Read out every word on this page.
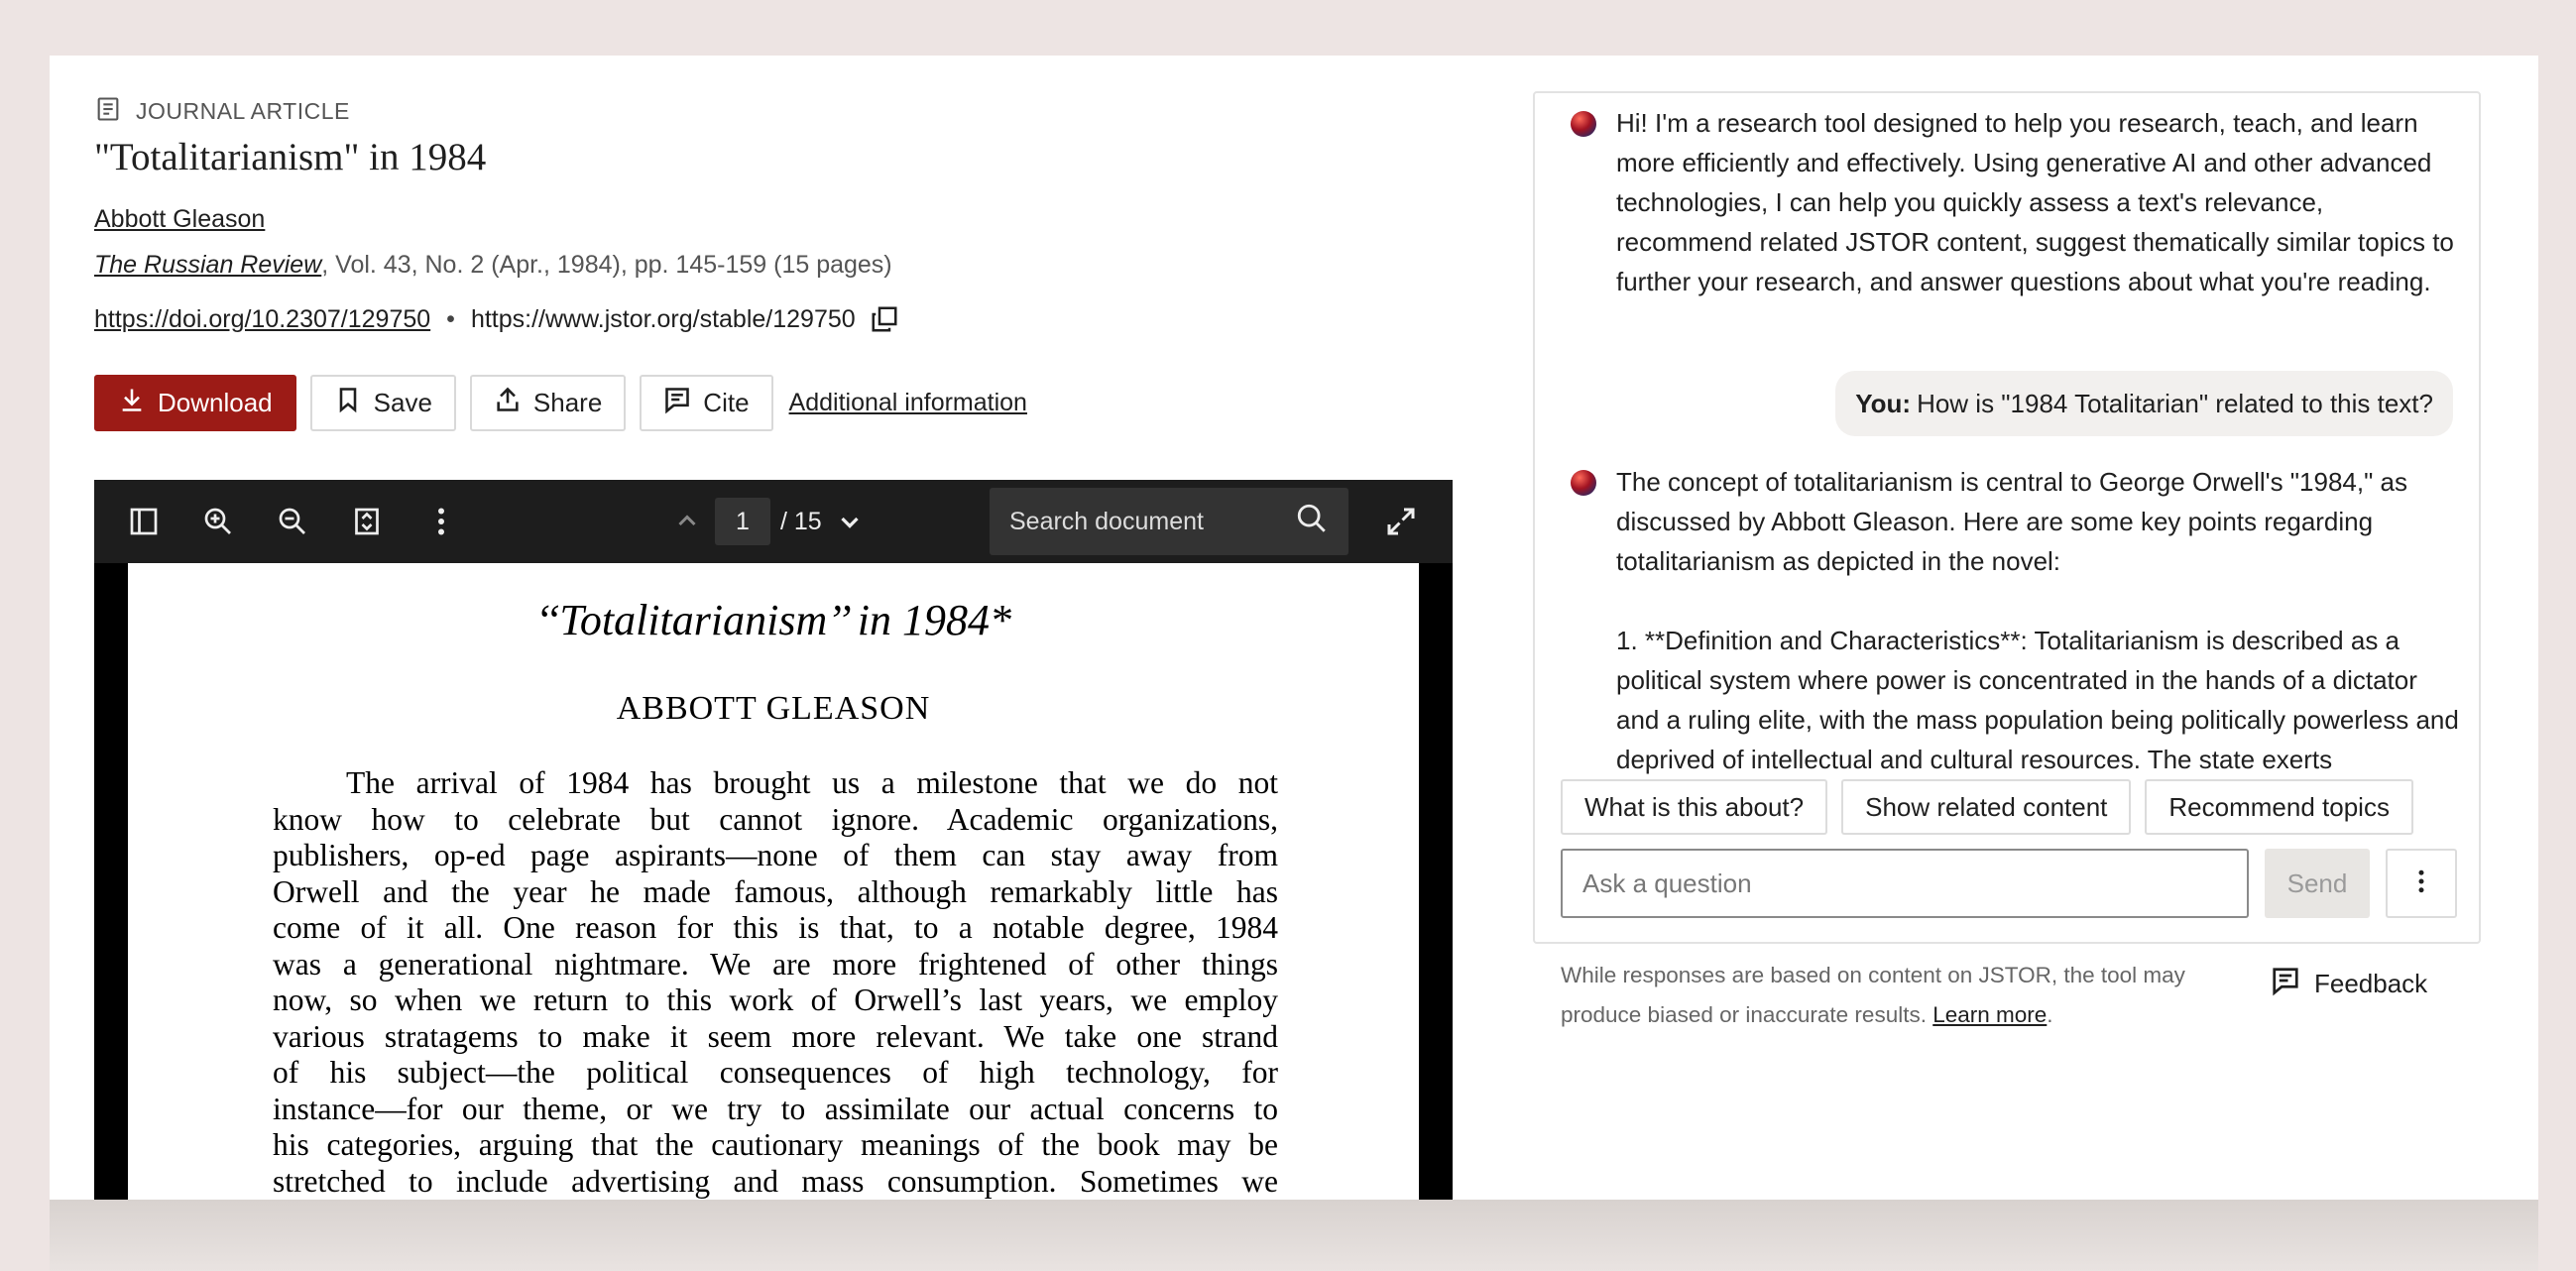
JOURNAL ARTICLE
"Totalitarianism" in 1984
Abbott Gleason
The Russian Review, Vol. 43, No. 2 (Apr., 1984), pp. 145-159 (15 pages)
https://doi.org/10.2307/129750 • https://www.jstor.org/stable/129750
Download	Save	Share	Cite Additional information
1	/ 15	Search document
‘‘Totalitarianism’’ in 1984*
ABBOTT GLEASON
The arrival of 1984 has brought us a milestone that we do not
know how to celebrate but cannot ignore. Academic organizations,
publishers, op-ed page aspirants—none of them can stay away from
Orwell and the year he made famous, although remarkably little has
come of it all. One reason for this is that, to a notable degree, 1984
was a generational nightmare. We are more frightened of other things
now, so when we return to this work of Orwell’s last years, we employ
various stratagems to make it seem more relevant. We take one strand
of his subject—the political consequences of high technology, for
instance—for our theme, or we try to assimilate our actual concerns to
his categories, arguing that the cautionary meanings of the book may be
stretched to include advertising and mass consumption. Sometimes we
Hi! I'm a research tool designed to help you research, teach, and learn more efficiently and effectively. Using generative AI and other advanced technologies, I can help you quickly assess a text's relevance, recommend related JSTOR content, suggest thematically similar topics to further your research, and answer questions about what you're reading.
You: How is "1984 Totalitarian" related to this text?
The concept of totalitarianism is central to George Orwell's "1984," as discussed by Abbott Gleason. Here are some key points regarding totalitarianism as depicted in the novel:
1. **Definition and Characteristics**: Totalitarianism is described as a political system where power is concentrated in the hands of a dictator and a ruling elite, with the mass population being politically powerless and deprived of intellectual and cultural resources. The state exerts
What is this about?	Show related content	Recommend topics
Ask a question	Send
While responses are based on content on JSTOR, the tool may produce biased or inaccurate results. Learn more.
Feedback
